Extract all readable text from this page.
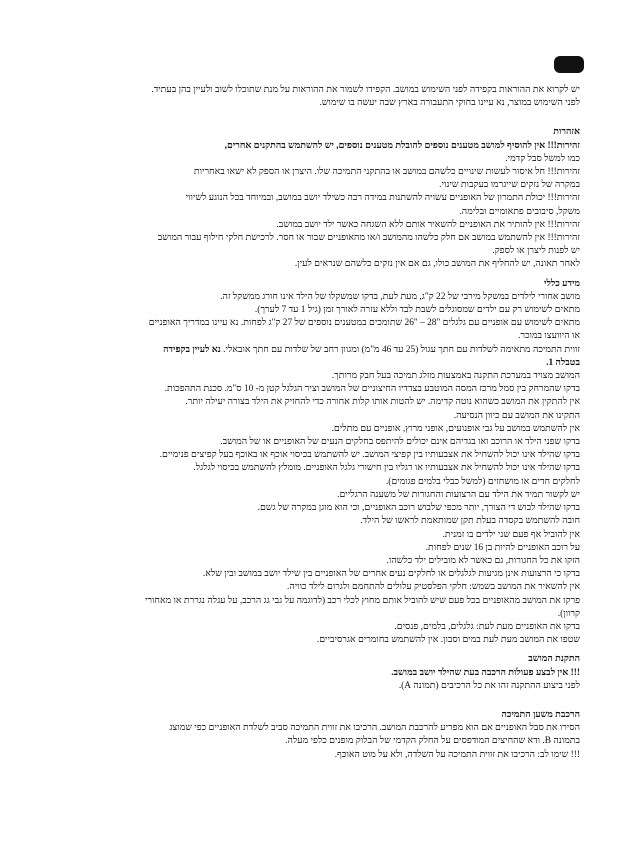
יש לקרוא את ההוראות בקפידה לפני השימוש במושב. הקפידו לשמור את ההוראות על מנת שתוכלו לשוב ולעיין בהן בעתיד.

לפני השימוש במוצר, נא עיינו בחוקי התעבורה בארץ שבה יעשה בו שימוש.

אזהרות

זהירות!!! אין להוסיף למושב מטענים נוספים להובלת מטענים נוספים, יש להשתמש בהתקנים אחרים,

כמו למשל סבל קדמי.

זהירות!!! חל איסור לעשות שינויים כלשהם במושב או בהתקני התמיכה שלו. היצרן או הספק לא ישאו באחריות

במקרה של נזקים שייגרמו בעקבות שינוי.

זהירות!!! יכולת התמרון של האופניים עשויה להשתנות במידה רבה כשילד יושב במושב, ובמיוחד בכל הנוגע לשיווי

משקל, סיבובים פתאומיים ובלימה.

זהירות!!! אין להותיר את האופניים להשאיר אותם ללא השגחה כאשר ילד יושב במושב.

זהירות!!! אין להשתמש במושב אם חלק כלשהו מהמושב ו/או מהאופניים שבור או חסר. לרכישת חלקי חילוף עבור המושב

יש לפנות ליצרן או לספק.

לאחר תאונה, יש להחליף את המושב כולו, גם אם אין נזקים כלשהם שנראים לעין.

מידע כללי

מושב אחורי לילדים במשקל מירבי של 22 ק"ג, מעת לעת, בדקו שמשקלו של הילד אינו חורג ממשקל זה.

מתאים לשימוש רק עם ילדים שמסוגלים לשבת לבד וללא עזרה לאורך זמן (גיל 1 עד 7 לערך).

מתאים לשימוש עם אופניים עם גלגלים "28 – "26 שתומכים במטענים נוספים של 27 ק"ג לפחות. נא עיינו במדריך האופניים

או היוועצו במוכר.

זווית התמיכה מתאימה לשלדות עם חתך עגול (25 עד 46 מ"מ) ומגוון רחב של שלדות עם חתך אובאלי. נא לעיין בקפידה

בטבלה 1.

המושב מצויד במערכת התקנה באמצעות מזלג תמיכה בעל חבק מרותך.

בדקו שהמרחק בין סמל מרכז המסה המוטבע בצדדיו החיצוניים של המושב וציר הגלגל קטן מ- 10 ס"מ. סכנת התהפכות.

אין להתקין את המושב כשהוא נוטה קדימה. יש להטות אותו קלות אחורה כדי להחזיק את הילד בצורה יעילה יותר.

התקינו את המושב עם כיוון הנסיעה.

אין להשתמש במושב על גבי אופנועים, אופני מרוץ, אופניים עם מתלים.

בדקו שפני הילד או הרוכב ואו בגדיהם אינם יכולים להיתפס בחלקים הנעים של האופניים או של המושב.

בדקו שהילד אינו יכול להשחיל את אצבעותיו בין קפיצי המושב. יש להשתמש בכיסוי אוכף או באוכף בעל קפיצים פנימיים.

בדקו שהילד אינו יכול להשחיל את אצבעותיו או רגליו בין חישורי גלגל האופניים. מומלץ להשתמש בכיסוי לגלגל.

לחלקים חדים או מושחזים (למשל כבלי בלמים פגומים).

יש לקשור תמיד את הילד עם הרצועות והחגורות של משענה הרגליים.

בדקו שהילד לבוש די הצורך, יותר מכפי שלבוש רוכב האופניים, וכי הוא מוגן במקרה של גשם.

חובה להשתמש בקסדה בעלת תקן שמותאמת לראשו של הילד.

אין להוביל אף פעם שני ילדים בו זמנית.

על רוכב האופניים להיות בן 16 שנים לפחות.

הזקו את כל החגורות, גם כאשר לא מובילים ילד כלשהו.

בדקו כי הרצועות אינן מגיעות לגלגלים או לחלקים נעים אחרים של האופניים בין שילד יושב במושב ובין שלא.

אין להשאיר את המושב בשמש: חלקי הפלסטיק עלולים להתחמם ולגרום לילד כוויה.

פרקו את המושב מהאופניים בכל פעם שיש להוביל אותם מחוץ לכלי רכב (לדוגמה על גבי גג הרכב, על עגלה נגררת או מאחורי

קרוון).

בדקו את האופניים מעת לעת: גלגלים, בלמים, פנסים.

שטפו את המושב מעת לעת במים וסבון. אין להשתמש בחומרים אגרסיביים.

התקנת המושב

!!! אין לבצע פעולות הרכבה בעת שהילד יושב במושב.

לפני ביצוע ההתקנה זהו את כל הרכיבים (תמונה A).

הרכבת משען התמיכה

הסירו את סבל האופניים אם הוא מפריע להרכבת המושב. הרכיבו את זווית התמיכה סביב לשלדת האופניים כפי שמוצג

בתמונה B. ודא שהחיצים המודפסים על החלק הקדמי של הבלוק מופנים כלפי מעלה.

!!! שימו לב: הרכיבו את זווית התמיכה על השלדה, ולא על מוט האוכף.
